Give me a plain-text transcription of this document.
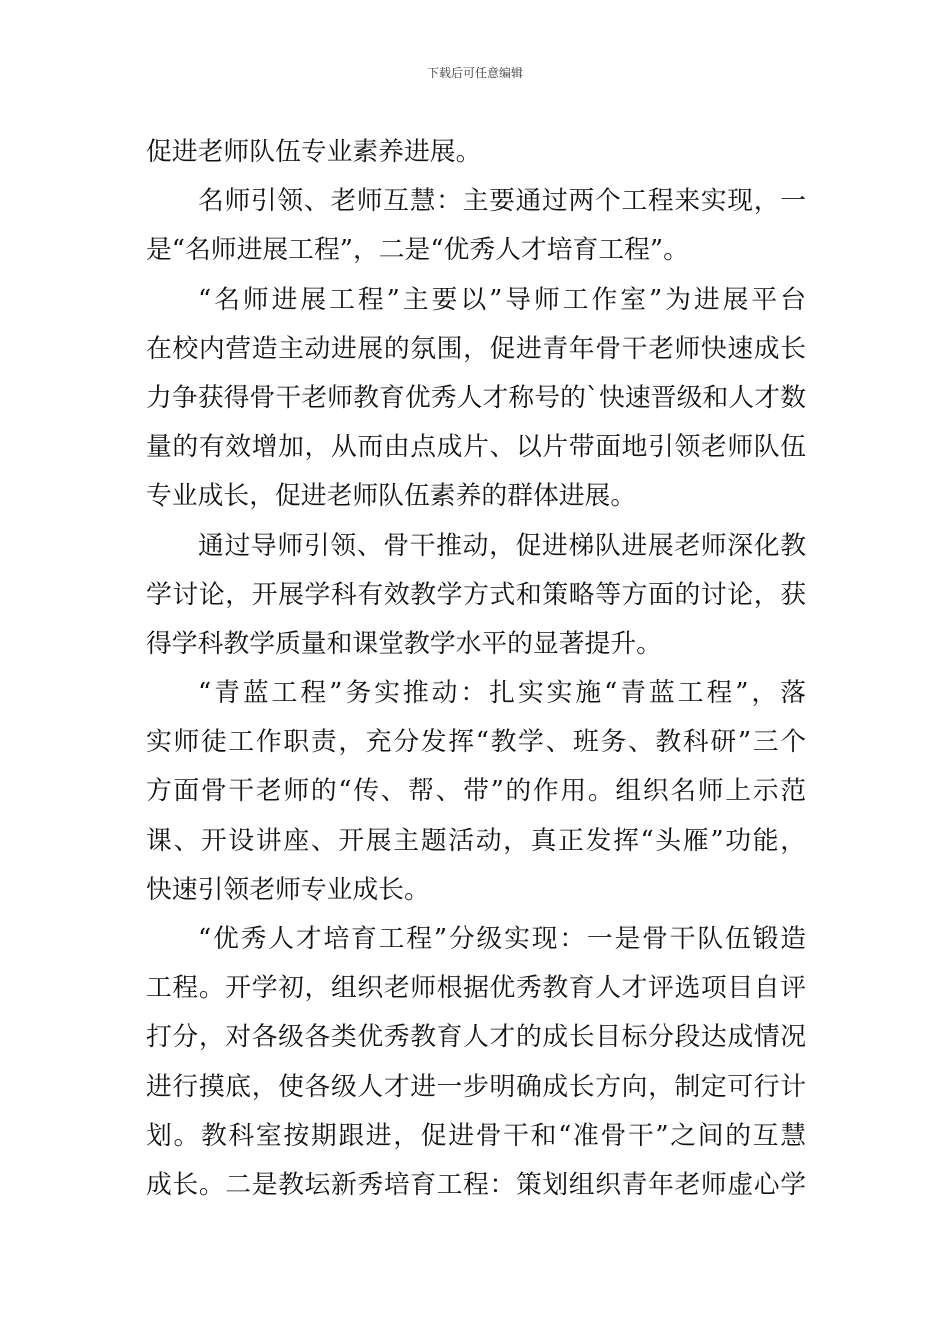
下载后可任意编辑
促进老师队伍专业素养进展。
名师引领、老师互慧：主要通过两个工程来实现，一
是“名师进展工程”，二是“优秀人才培育工程”。
“名师进展工程”主要以”导师工作室”为进展平台
在校内营造主动进展的氛围，促进青年骨干老师快速成长
力争获得骨干老师教育优秀人才称号的`快速晋级和人才数
量的有效增加，从而由点成片、以片带面地引领老师队伍
专业成长，促进老师队伍素养的群体进展。
通过导师引领、骨干推动，促进梯队进展老师深化教
学讨论，开展学科有效教学方式和策略等方面的讨论，获
得学科教学质量和课堂教学水平的显著提升。
“青蓝工程”务实推动：扎实实施“青蓝工程”，落
实师徒工作职责，充分发挥“教学、班务、教科研”三个
方面骨干老师的“传、帮、带”的作用。组织名师上示范
课、开设讲座、开展主题活动，真正发挥“头雁”功能，
快速引领老师专业成长。
“优秀人才培育工程”分级实现：一是骨干队伍锻造
工程。开学初，组织老师根据优秀教育人才评选项目自评
打分，对各级各类优秀教育人才的成长目标分段达成情况
进行摸底，使各级人才进一步明确成长方向，制定可行计
划。教科室按期跟进，促进骨干和“准骨干”之间的互慧
成长。二是教坛新秀培育工程：策划组织青年老师虚心学
